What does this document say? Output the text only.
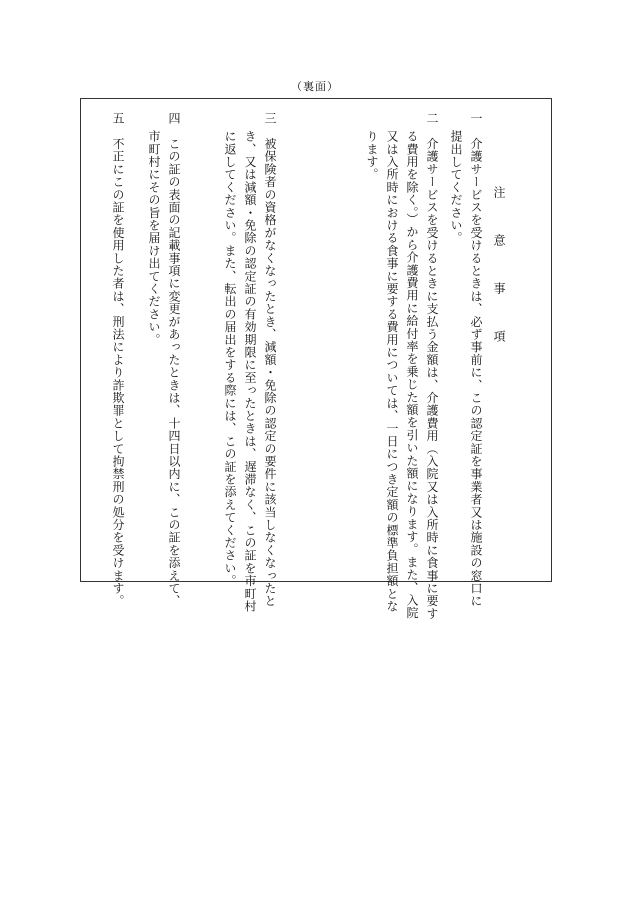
（裏面）
注　意　事　項
一　介護サービスを受けるときは、必ず事前に、この認定証を事業者又は施設の窓口に
提出してください。
二　介護サービスを受けるときに支払う金額は、介護費用（入院又は入所時に食事に要す
る費用を除く。）から介護費用に給付率を乗じた額を引いた額になります。また、入院
又は入所時における食事に要する費用については、一日につき定額の標準負担額とな
ります。
三　被保険者の資格がなくなったとき、減額・免除の認定の要件に該当しなくなったと
き、又は減額・免除の認定証の有効期限に至ったときは、遅滞なく、この証を市町村
に返してください。また、転出の届出をする際には、この証を添えてください。
四　この証の表面の記載事項に変更があったときは、十四日以内に、この証を添えて、
市町村にその旨を届け出てください。
五　不正にこの証を使用した者は、刑法により詐欺罪として拘禁刑の処分を受けます。
